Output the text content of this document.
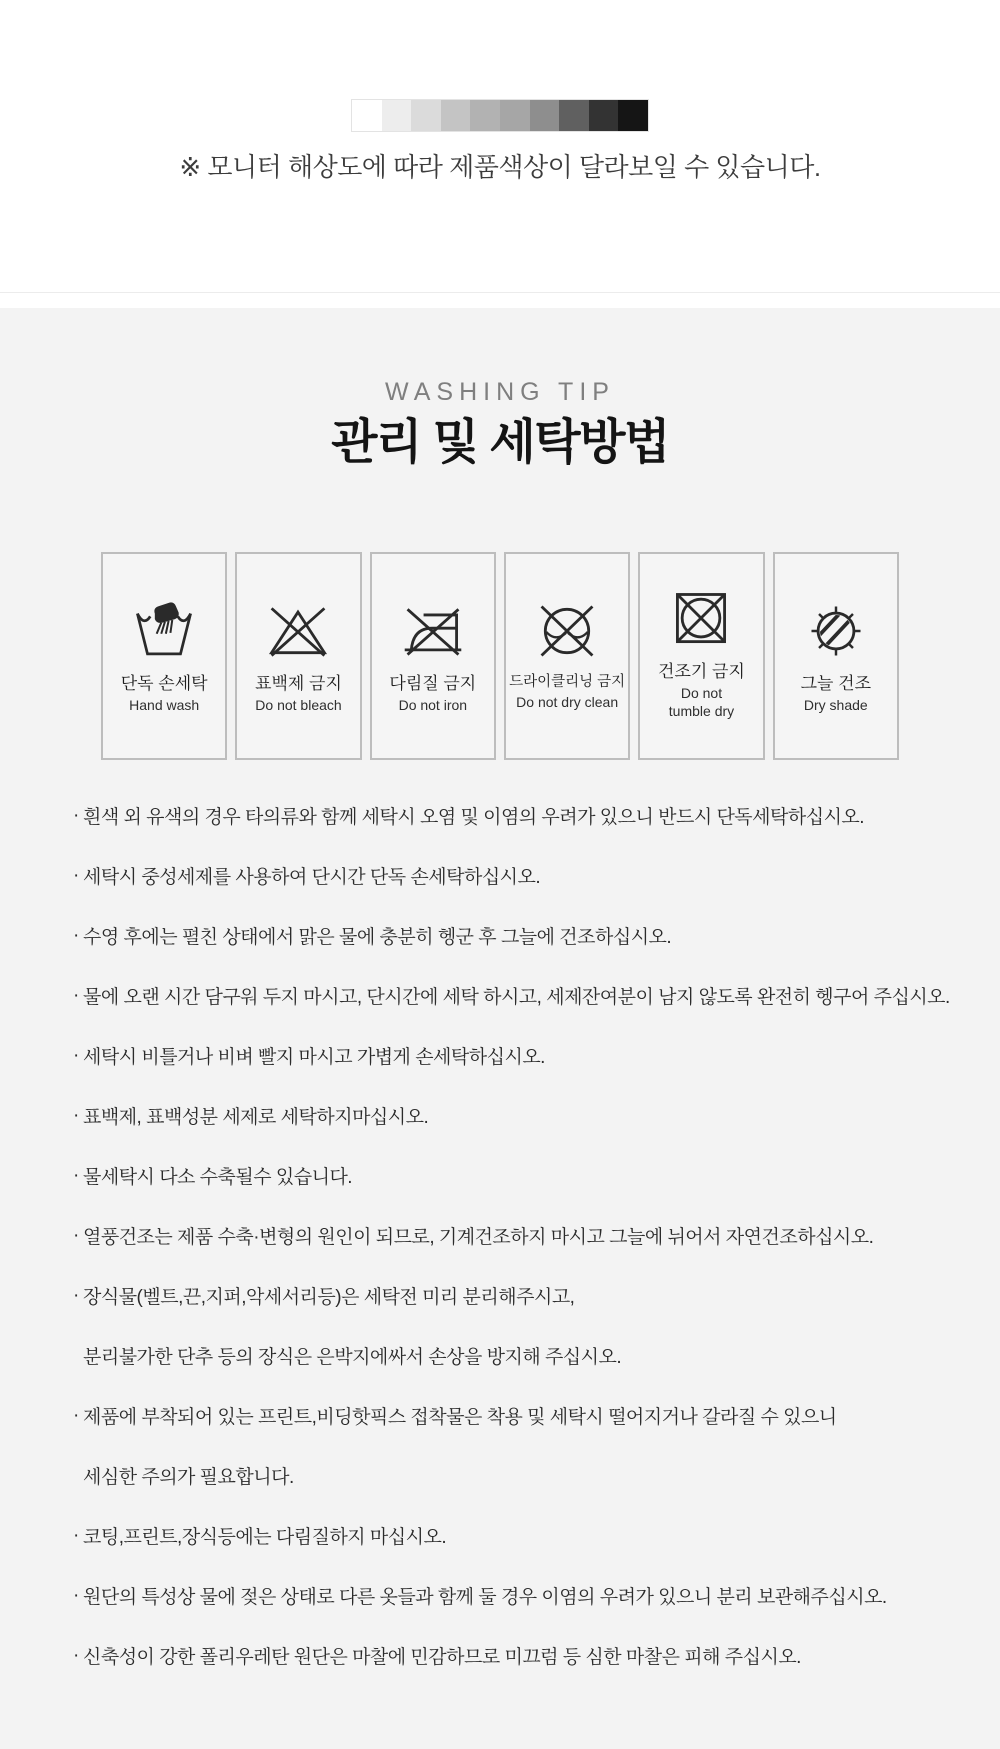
※ 모니터 해상도에 따라 제품색상이 달라보일 수 있습니다.

WASHING TIP

관리 및 세탁방법
단독 손세탁
Hand wash
표백제 금지
Do not bleach
다림질 금지
Do not iron
드라이클리닝 금지
Do not dry clean
건조기 금지
Do not tumble dry
그늘 건조
Dry shade
· 흰색 외 유색의 경우 타의류와 함께 세탁시 오염 및 이염의 우려가 있으니 반드시 단독세탁하십시오.
· 세탁시 중성세제를 사용하여 단시간 단독 손세탁하십시오.
· 수영 후에는 펼친 상태에서 맑은 물에 충분히 헹군 후 그늘에 건조하십시오.
· 물에 오랜 시간 담구워 두지 마시고, 단시간에 세탁 하시고, 세제잔여분이 남지 않도록 완전히 헹구어 주십시오.
· 세탁시 비틀거나 비벼 빨지 마시고 가볍게 손세탁하십시오.
· 표백제, 표백성분 세제로 세탁하지마십시오.
· 물세탁시 다소 수축될수 있습니다.
· 열풍건조는 제품 수축·변형의 원인이 되므로, 기계건조하지 마시고 그늘에 뉘어서 자연건조하십시오.
· 장식물(벨트,끈,지퍼,악세서리등)은 세탁전 미리 분리해주시고,
분리불가한 단추 등의 장식은 은박지에싸서 손상을 방지해 주십시오.
· 제품에 부착되어 있는 프린트,비딩핫픽스 접착물은 착용 및 세탁시 떨어지거나 갈라질 수 있으니
세심한 주의가 필요합니다.
· 코팅,프린트,장식등에는 다림질하지 마십시오.
· 원단의 특성상 물에 젖은 상태로 다른 옷들과 함께 둘 경우 이염의 우려가 있으니 분리 보관해주십시오.
· 신축성이 강한 폴리우레탄 원단은 마찰에 민감하므로 미끄럼 등 심한 마찰은 피해 주십시오.
